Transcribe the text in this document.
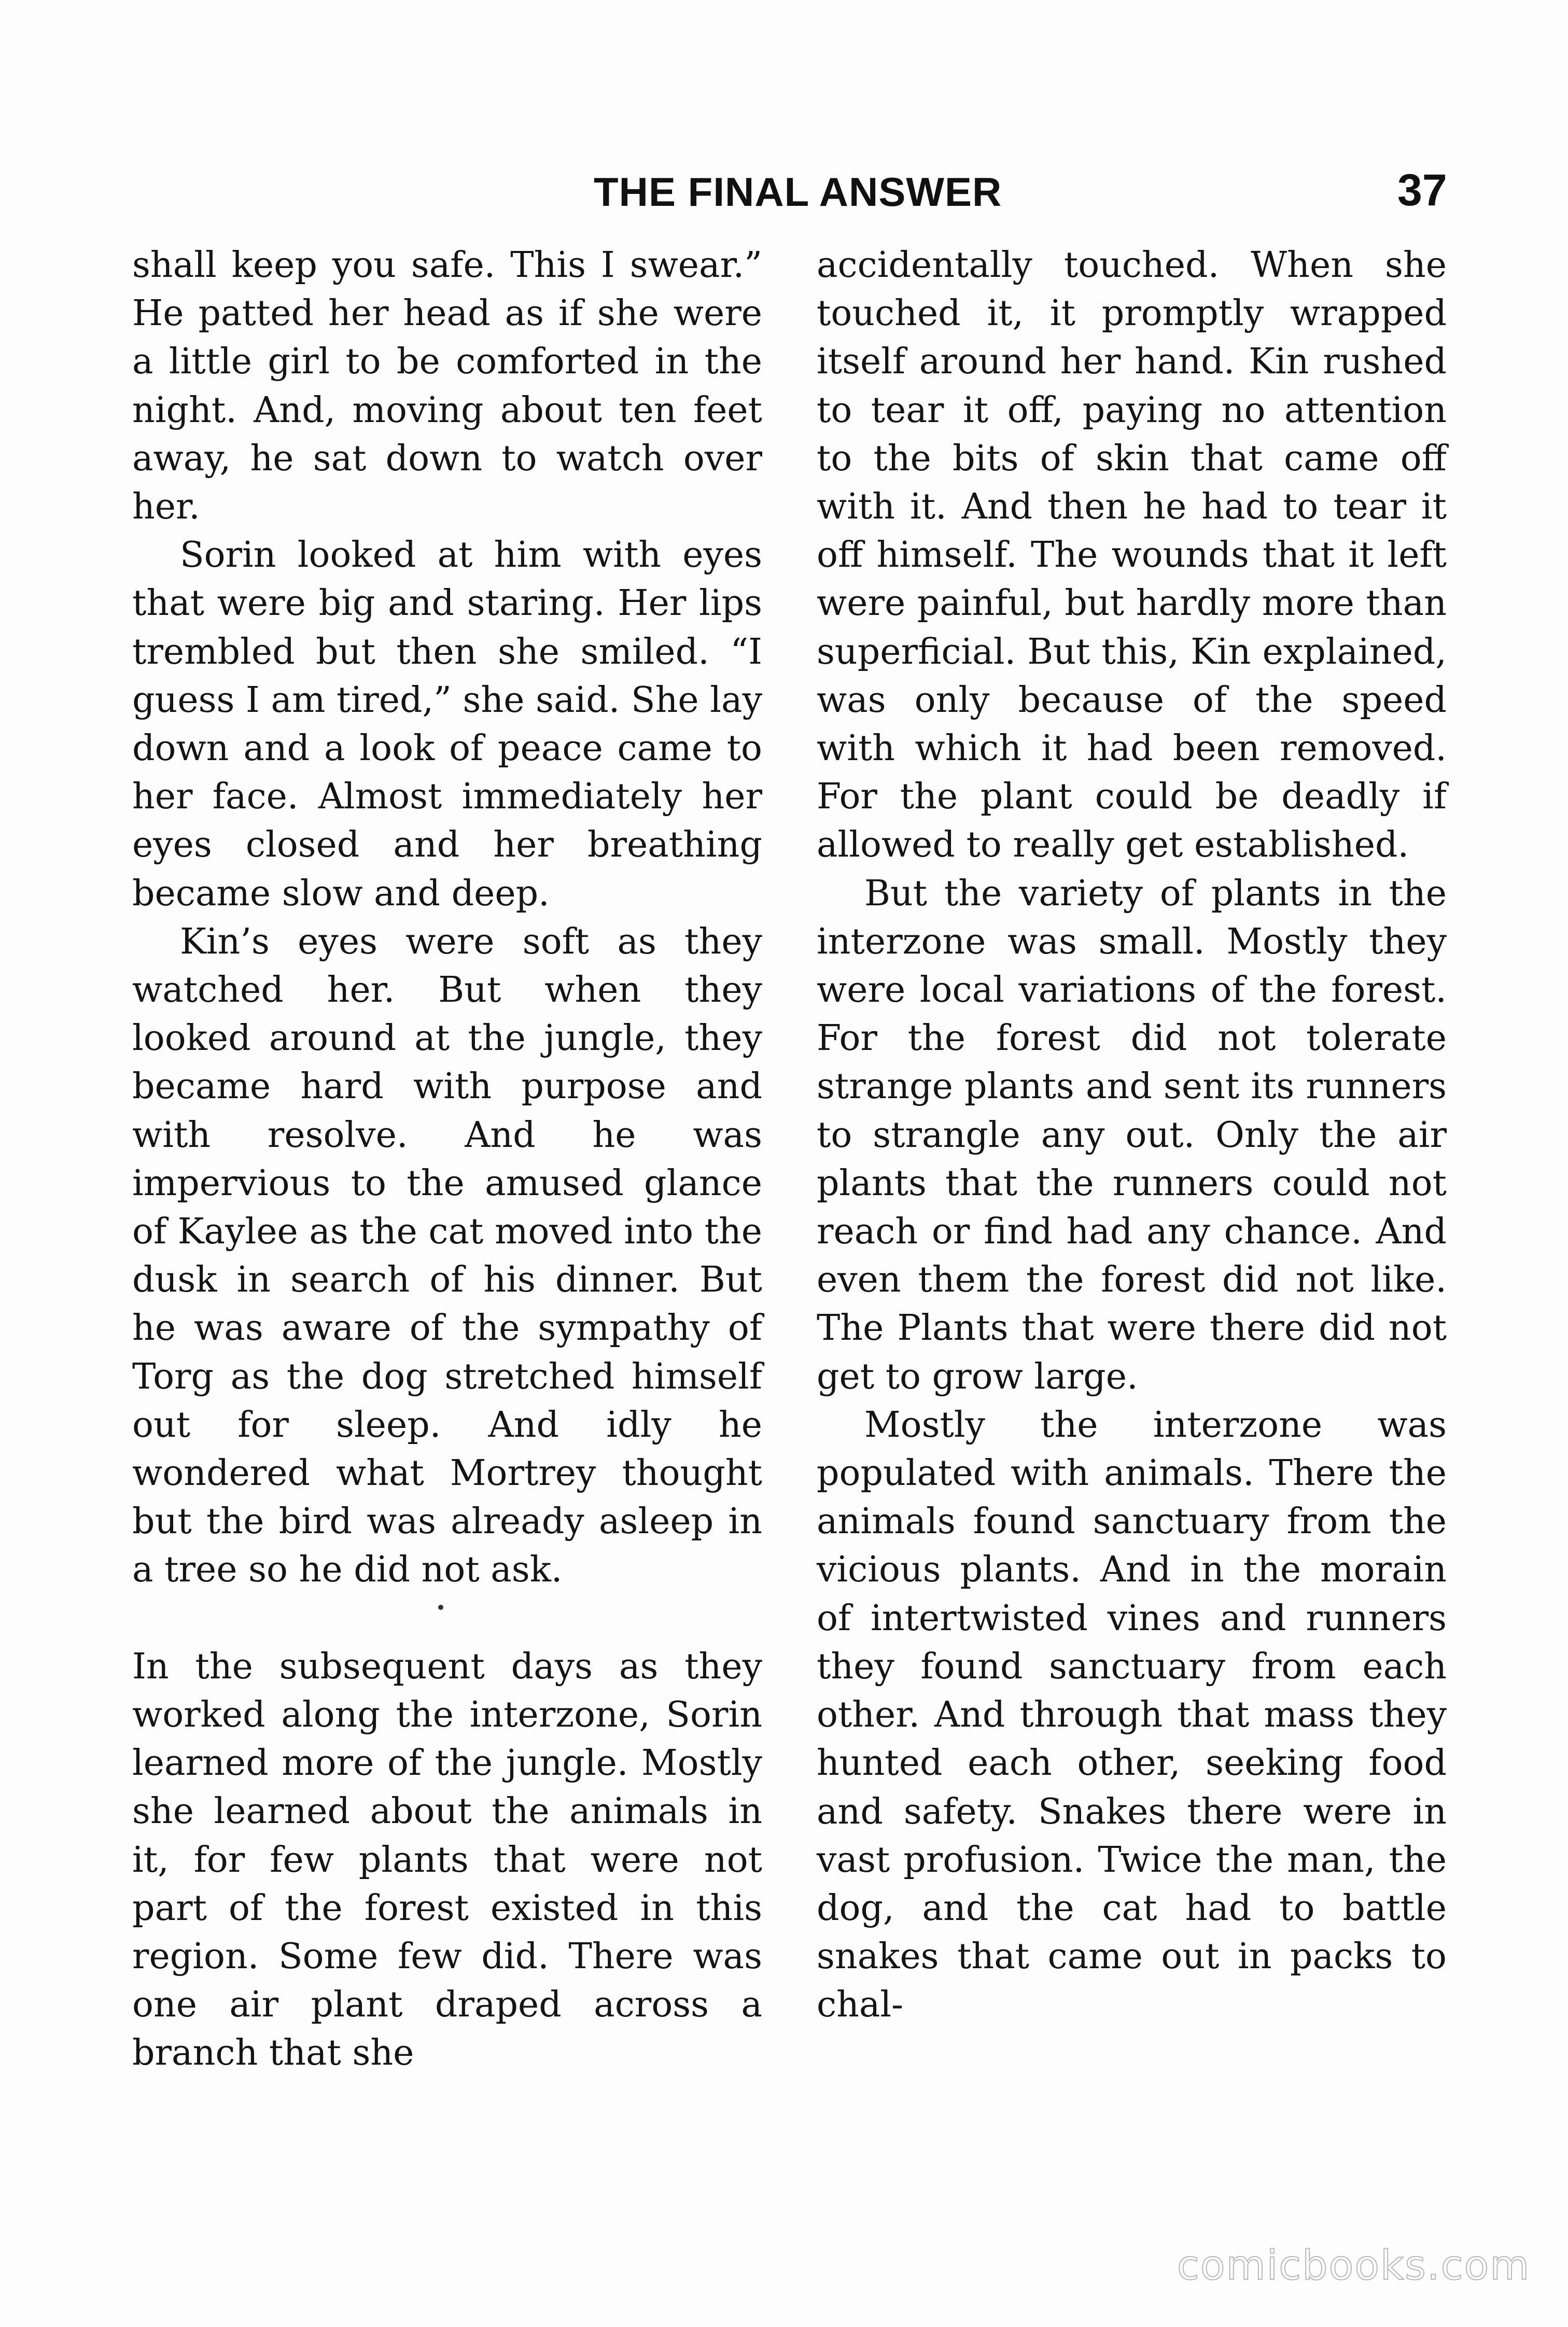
THE FINAL ANSWER	37

shall keep you safe. This I swear.” He patted her head as if she were a little girl to be comforted in the night. And, moving about ten feet away, he sat down to watch over her.

Sorin looked at him with eyes that were big and staring. Her lips trembled but then she smiled. “I guess I am tired,” she said. She lay down and a look of peace came to her face. Almost immediately her eyes closed and her breathing became slow and deep.

Kin’s eyes were soft as they watched her. But when they looked around at the jungle, they became hard with purpose and with resolve. And he was impervious to the amused glance of Kaylee as the cat moved into the dusk in search of his dinner. But he was aware of the sympathy of Torg as the dog stretched himself out for sleep. And idly he wondered what Mortrey thought but the bird was already asleep in a tree so he did not ask.

In the subsequent days as they worked along the interzone, Sorin learned more of the jungle. Mostly she learned about the animals in it, for few plants that were not part of the forest existed in this region. Some few did. There was one air plant draped across a branch that she

accidentally touched. When she touched it, it promptly wrapped itself around her hand. Kin rushed to tear it off, paying no attention to the bits of skin that came off with it. And then he had to tear it off himself. The wounds that it left were painful, but hardly more than superficial. But this, Kin explained, was only because of the speed with which it had been removed. For the plant could be deadly if allowed to really get established.

But the variety of plants in the interzone was small. Mostly they were local variations of the forest. For the forest did not tolerate strange plants and sent its runners to strangle any out. Only the air plants that the runners could not reach or find had any chance. And even them the forest did not like. The Plants that were there did not get to grow large.

Mostly the interzone was populated with animals. There the animals found sanctuary from the vicious plants. And in the morain of intertwisted vines and runners they found sanctuary from each other. And through that mass they hunted each other, seeking food and safety. Snakes there were in vast profusion. Twice the man, the dog, and the cat had to battle snakes that came out in packs to chal-

comicbooks.com
